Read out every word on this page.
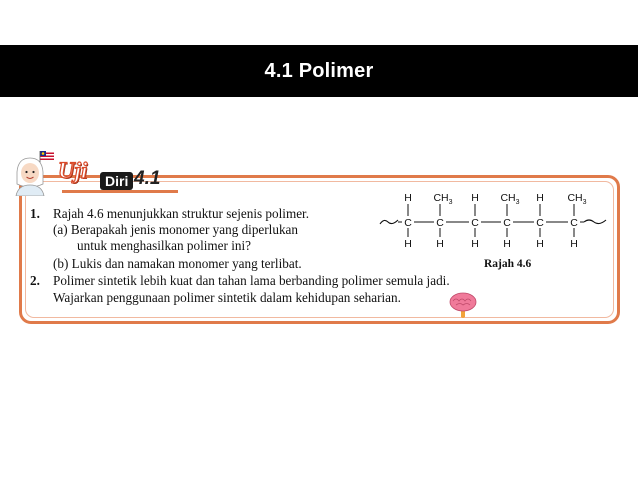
4.1 Polimer
Uji	Diri 4.1
1. Rajah 4.6 menunjukkan struktur sejenis polimer.
(a) Berapakah jenis monomer yang diperlukan
untuk menghasilkan polimer ini?
(b) Lukis dan namakan monomer yang terlibat.
2. Polimer sintetik lebih kuat dan tahan lama berbanding polimer semula jadi.
Wajarkan penggunaan polimer sintetik dalam kehidupan seharian.
C
H
H
C
$CH_3$
H
C
H
H
C
$CH_3$
H
C
H
H
C
$CH_3$
H
Rajah 4.6
